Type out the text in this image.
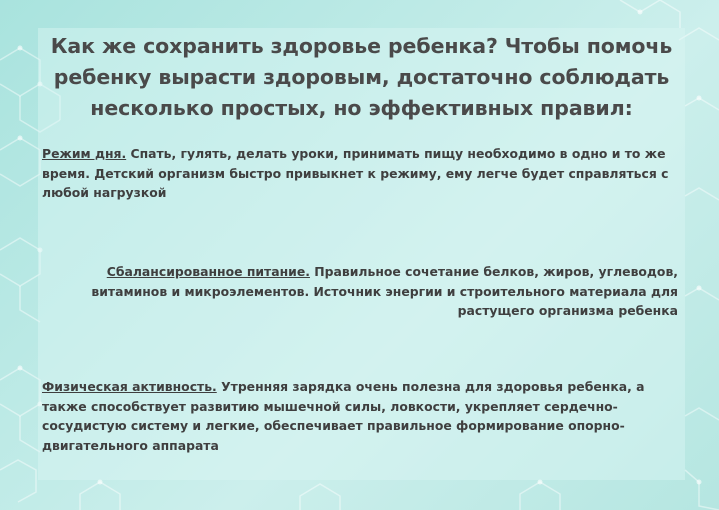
Как же сохранить здоровье ребенка? Чтобы помочь ребенку вырасти здоровым, достаточно соблюдать несколько простых, но эффективных правил:

Режим дня. Спать, гулять, делать уроки, принимать пищу необходимо в одно и то же время. Детский организм быстро привыкнет к режиму, ему легче будет справляться с любой нагрузкой

Сбалансированное питание. Правильное сочетание белков, жиров, углеводов, витаминов и микроэлементов. Источник энергии и строительного материала для растущего организма ребенка

Физическая активность. Утренняя зарядка очень полезна для здоровья ребенка, а также способствует развитию мышечной силы, ловкости, укрепляет сердечно-сосудистую систему и легкие, обеспечивает правильное формирование опорно-двигательного аппарата
